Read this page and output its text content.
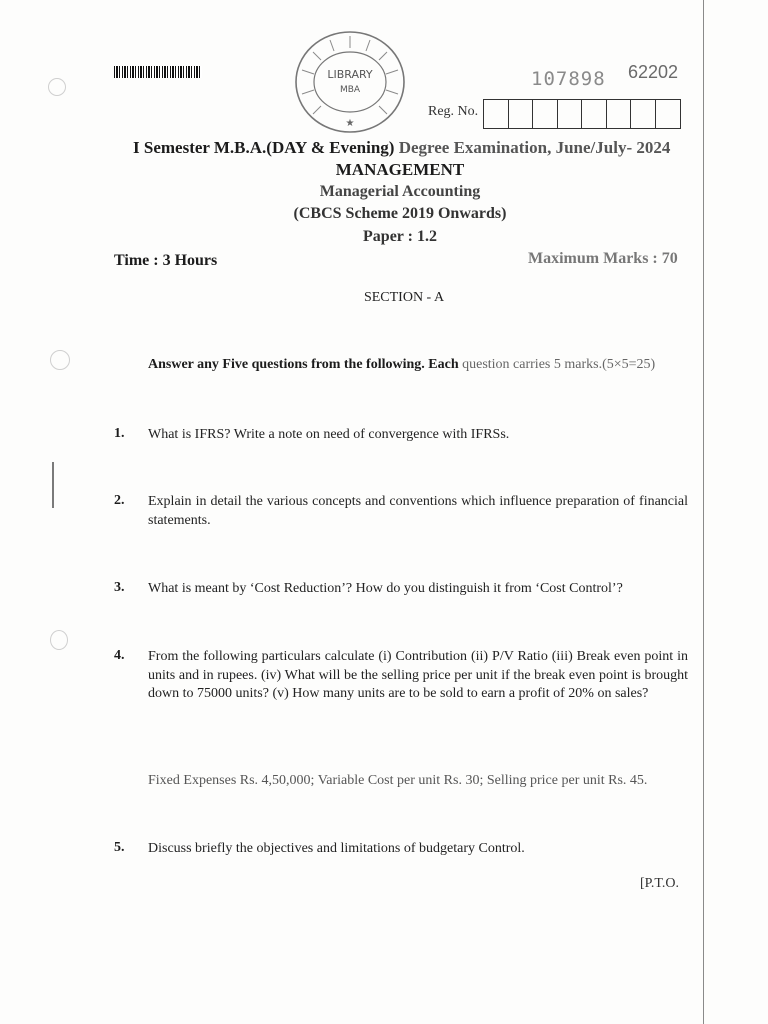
LIBRARY
MBA
★
107898 62202
Reg. No.
I Semester M.B.A.(DAY & Evening) Degree Examination, June/July- 2024
MANAGEMENT
Managerial Accounting
(CBCS Scheme 2019 Onwards)
Paper : 1.2
Time : 3 Hours	Maximum Marks : 70
SECTION - A
Answer any Five questions from the following. Each question carries 5 marks.(5×5=25)
1. What is IFRS? Write a note on need of convergence with IFRSs.
2. Explain in detail the various concepts and conventions which influence preparation of financial statements.
3. What is meant by ‘Cost Reduction’? How do you distinguish it from ‘Cost Control’?
4. From the following particulars calculate (i) Contribution (ii) P/V Ratio (iii) Break even point in units and in rupees. (iv) What will be the selling price per unit if the break even point is brought down to 75000 units? (v) How many units are to be sold to earn a profit of 20% on sales?
Fixed Expenses Rs. 4,50,000; Variable Cost per unit Rs. 30; Selling price per unit Rs. 45.
5. Discuss briefly the objectives and limitations of budgetary Control.
[P.T.O.
